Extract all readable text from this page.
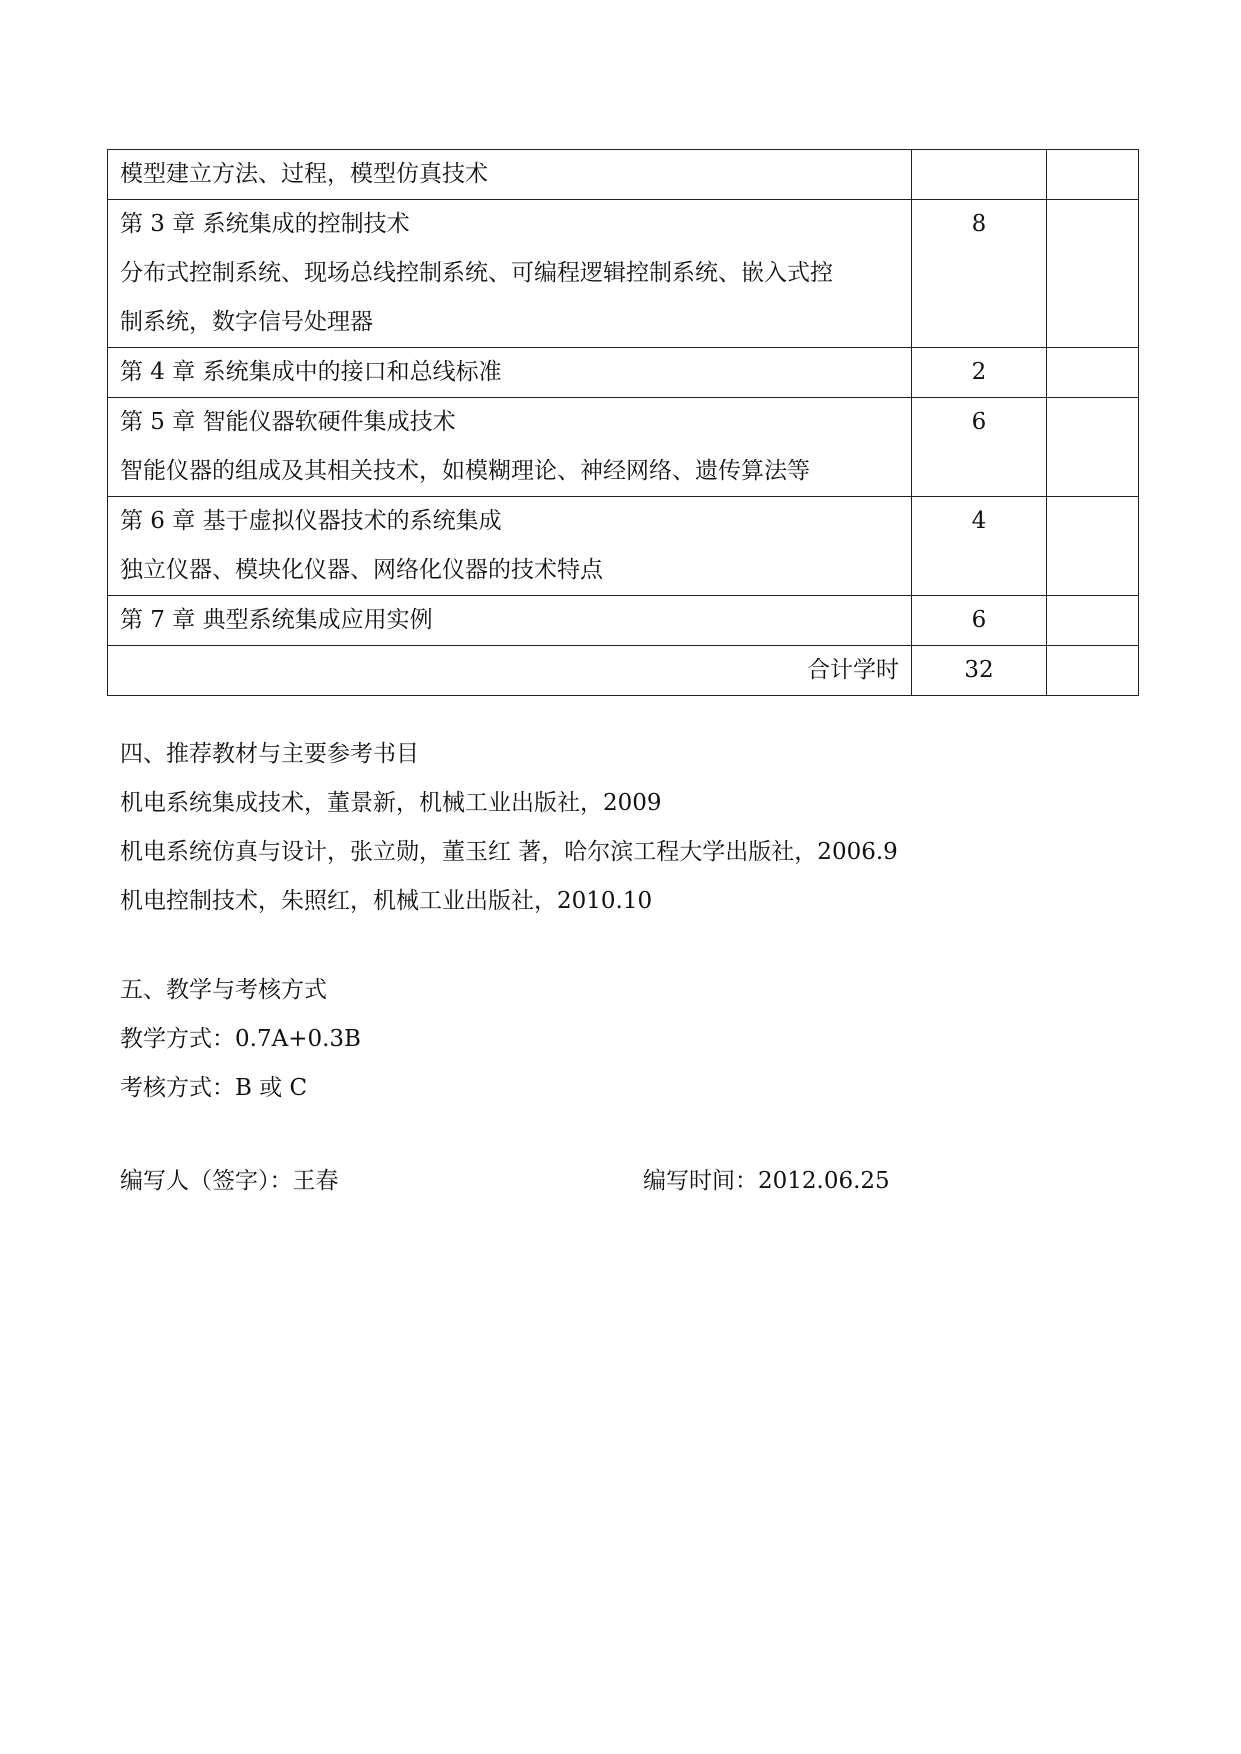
模型建立方法、过程，模型仿真技术		

第 3 章 系统集成的控制技术
分布式控制系统、现场总线控制系统、可编程逻辑控制系统、嵌入式控
制系统，数字信号处理器	8	

第 4 章 系统集成中的接口和总线标准	2	

第 5 章 智能仪器软硬件集成技术
智能仪器的组成及其相关技术，如模糊理论、神经网络、遗传算法等	6	

第 6 章 基于虚拟仪器技术的系统集成
独立仪器、模块化仪器、网络化仪器的技术特点	4	

第 7 章 典型系统集成应用实例	6	

合计学时	32	

四、推荐教材与主要参考书目
机电系统集成技术，董景新，机械工业出版社，2009
机电系统仿真与设计，张立勋，董玉红 著，哈尔滨工程大学出版社，2006.9
机电控制技术，朱照红，机械工业出版社，2010.10
五、教学与考核方式
教学方式：0.7A+0.3B
考核方式：B 或 C
编写人（签字）：王春	编写时间：2012.06.25
